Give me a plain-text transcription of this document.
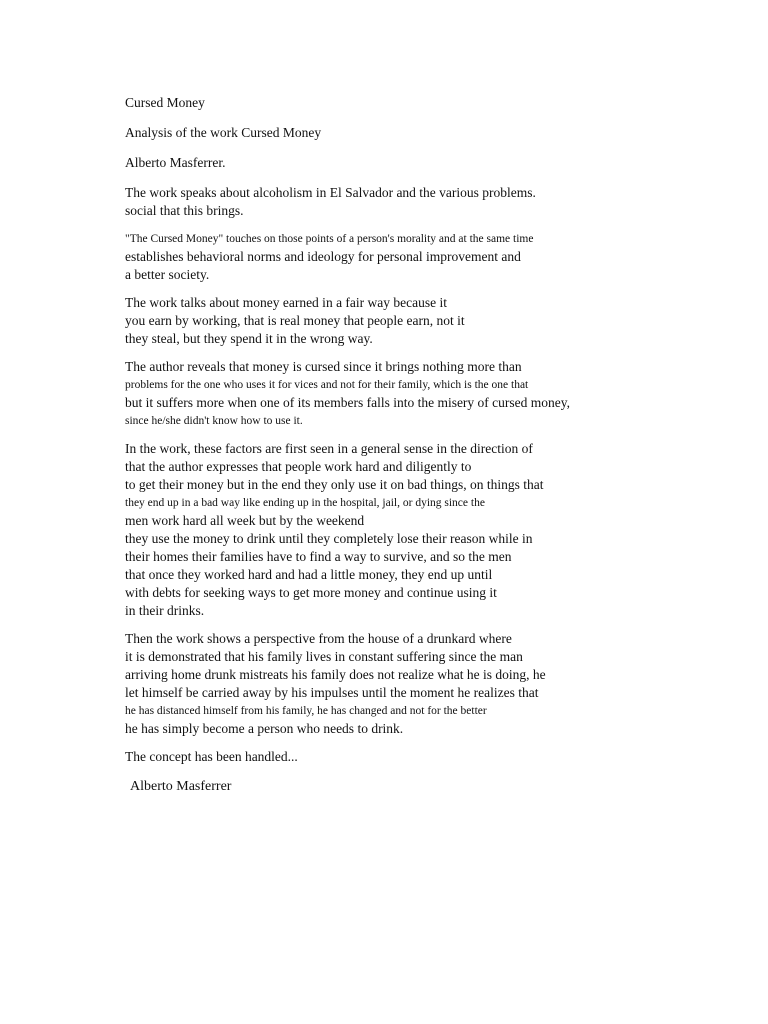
Cursed Money
Analysis of the work Cursed Money
Alberto Masferrer.
The work speaks about alcoholism in El Salvador and the various problems.
social that this brings.
"The Cursed Money" touches on those points of a person's morality and at the same time
establishes behavioral norms and ideology for personal improvement and
a better society.
The work talks about money earned in a fair way because it
you earn by working, that is real money that people earn, not it
they steal, but they spend it in the wrong way.
The author reveals that money is cursed since it brings nothing more than
problems for the one who uses it for vices and not for their family, which is the one that
but it suffers more when one of its members falls into the misery of cursed money,
since he/she didn't know how to use it.
In the work, these factors are first seen in a general sense in the direction of
that the author expresses that people work hard and diligently to
to get their money but in the end they only use it on bad things, on things that
they end up in a bad way like ending up in the hospital, jail, or dying since the
men work hard all week but by the weekend
they use the money to drink until they completely lose their reason while in
their homes their families have to find a way to survive, and so the men
that once they worked hard and had a little money, they end up until
with debts for seeking ways to get more money and continue using it
in their drinks.
Then the work shows a perspective from the house of a drunkard where
it is demonstrated that his family lives in constant suffering since the man
arriving home drunk mistreats his family does not realize what he is doing, he
let himself be carried away by his impulses until the moment he realizes that
he has distanced himself from his family, he has changed and not for the better
he has simply become a person who needs to drink.
The concept has been handled...
Alberto Masferrer
